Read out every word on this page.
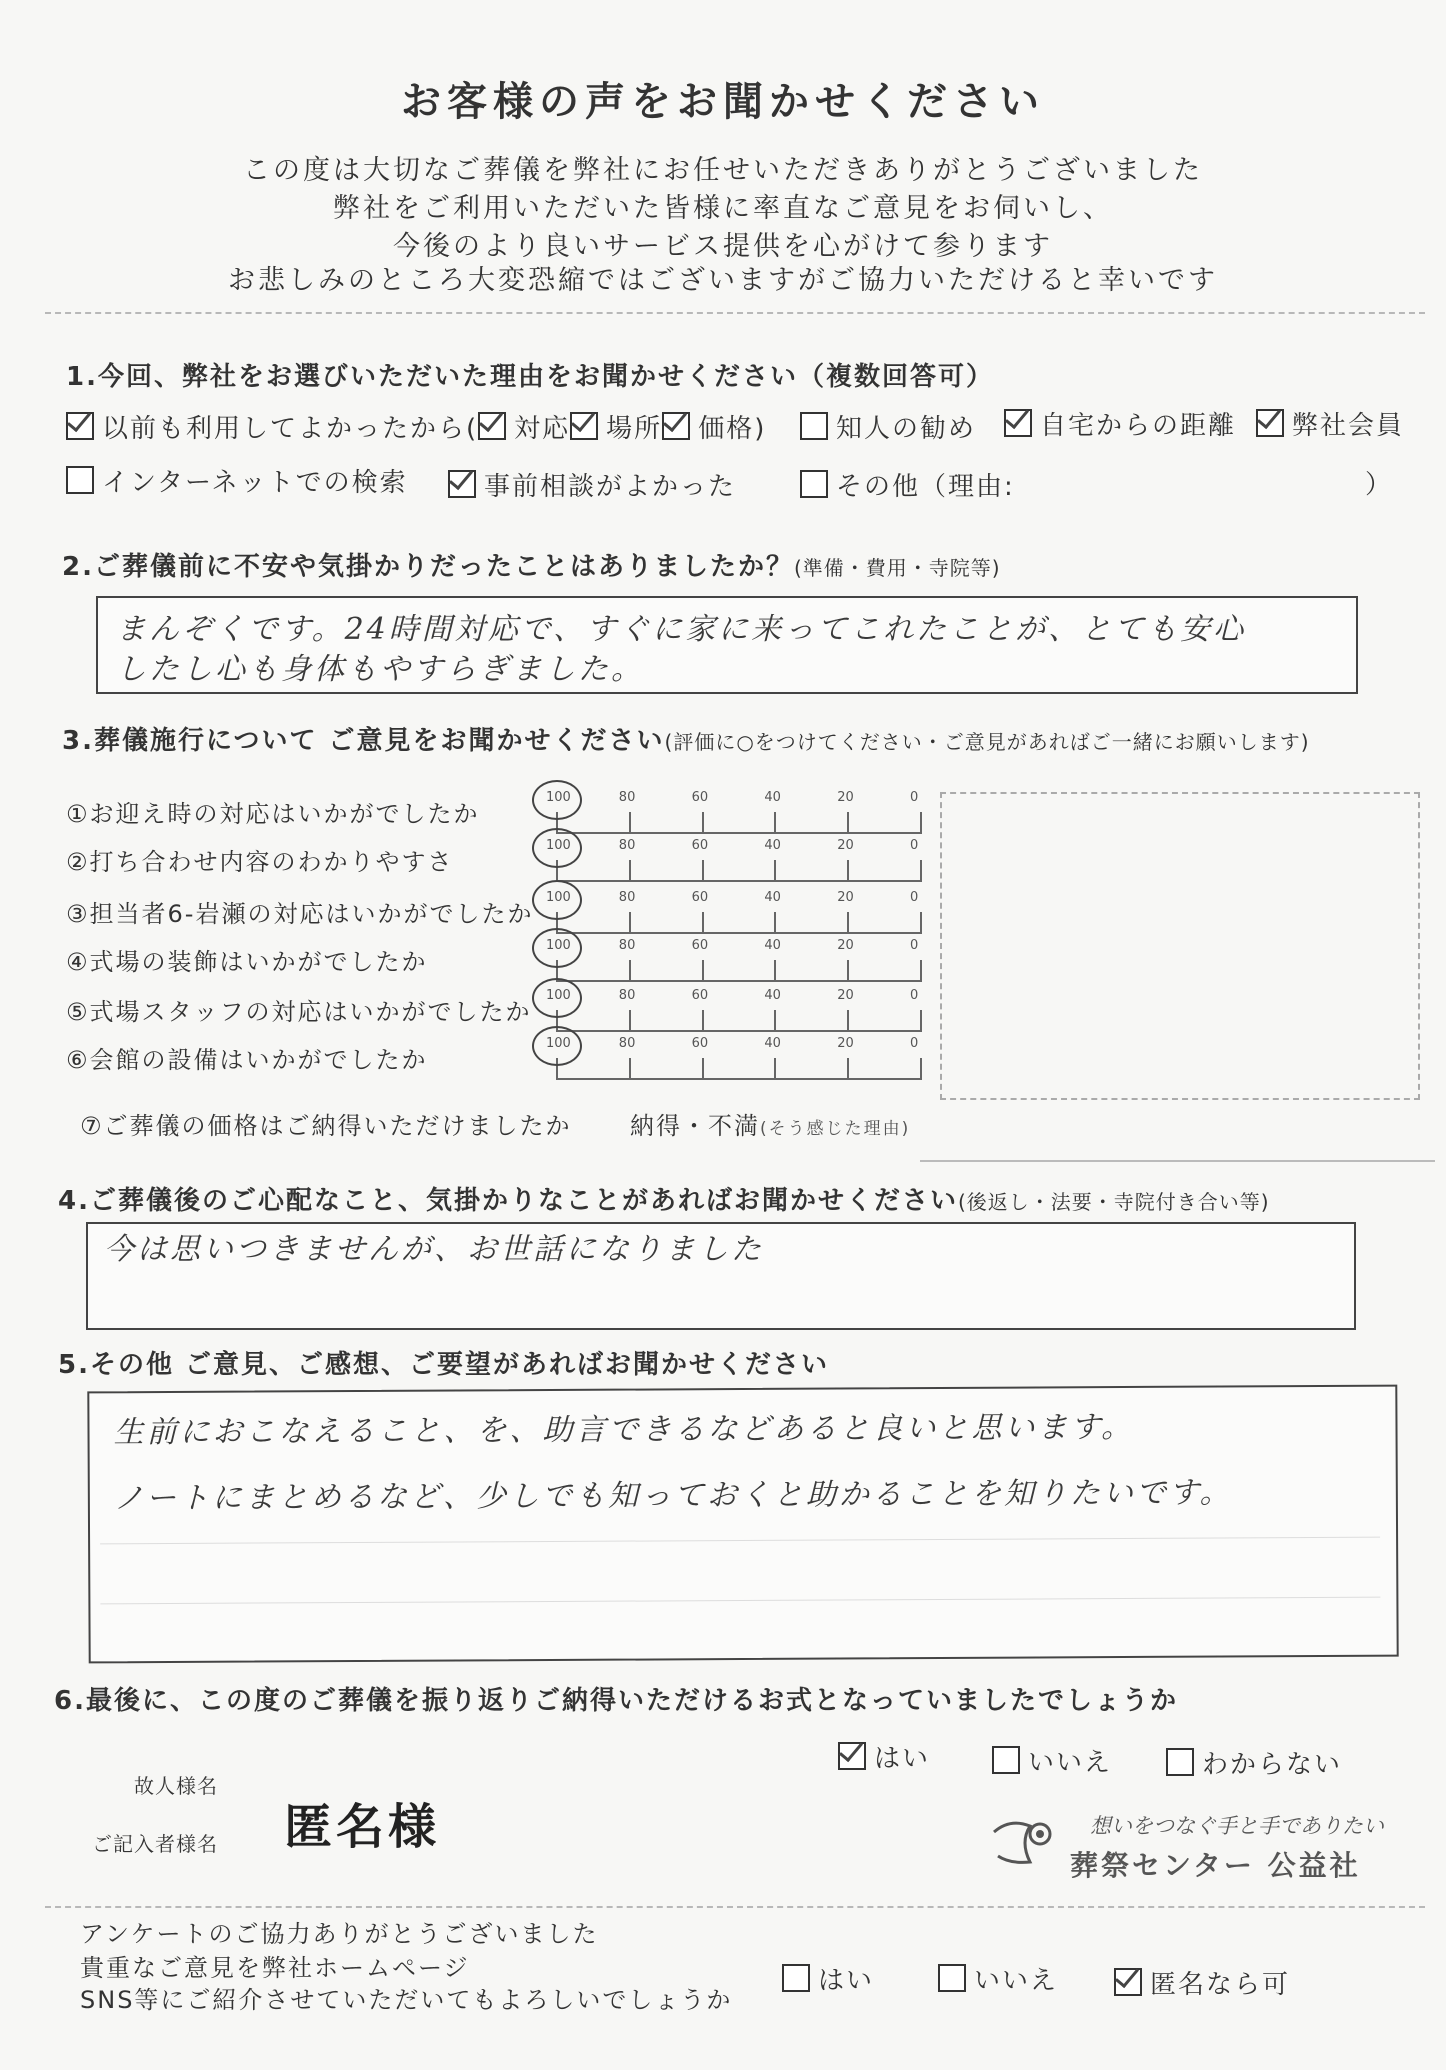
お客様の声をお聞かせください
この度は大切なご葬儀を弊社にお任せいただきありがとうございました
弊社をご利用いただいた皆様に率直なご意見をお伺いし、
今後のより良いサービス提供を心がけて参ります
お悲しみのところ大変恐縮ではございますがご協力いただけると幸いです
1.今回、弊社をお選びいただいた理由をお聞かせください（複数回答可）
以前も利用してよかったから( 対応 場所 価格)	知人の勧め	自宅からの距離	弊社会員
インターネットでの検索	事前相談がよかった	その他（理由:	）
2.ご葬儀前に不安や気掛かりだったことはありましたか？(準備・費用・寺院等)
まんぞくです。24時間対応で、すぐに家に来ってこれたことが、とても安心
したし心も身体もやすらぎました。
3.葬儀施行について ご意見をお聞かせください(評価に○をつけてください・ご意見があればご一緒にお願いします)
①お迎え時の対応はいかがでしたか
100	80	60	40	20	0
②打ち合わせ内容のわかりやすさ
100	80	60	40	20	0
③担当者6-岩瀬の対応はいかがでしたか
100	80	60	40	20	0
④式場の装飾はいかがでしたか
100	80	60	40	20	0
⑤式場スタッフの対応はいかがでしたか
100	80	60	40	20	0
⑥会館の設備はいかがでしたか
100	80	60	40	20	0
⑦ご葬儀の価格はご納得いただけましたか 納得・不満(そう感じた理由)
4.ご葬儀後のご心配なこと、気掛かりなことがあればお聞かせください(後返し・法要・寺院付き合い等)
今は思いつきませんが、お世話になりました
5.その他 ご意見、ご感想、ご要望があればお聞かせください
生前におこなえること、を、助言できるなどあると良いと思います。
ノートにまとめるなど、少しでも知っておくと助かることを知りたいです。
6.最後に、この度のご葬儀を振り返りご納得いただけるお式となっていましたでしょうか
はい	いいえ	わからない
故人様名
ご記入者様名 匿名様	想いをつなぐ手と手でありたい
葬祭センター 公益社
アンケートのご協力ありがとうございました
貴重なご意見を弊社ホームページ
SNS等にご紹介させていただいてもよろしいでしょうか
はい	いいえ	匿名なら可
